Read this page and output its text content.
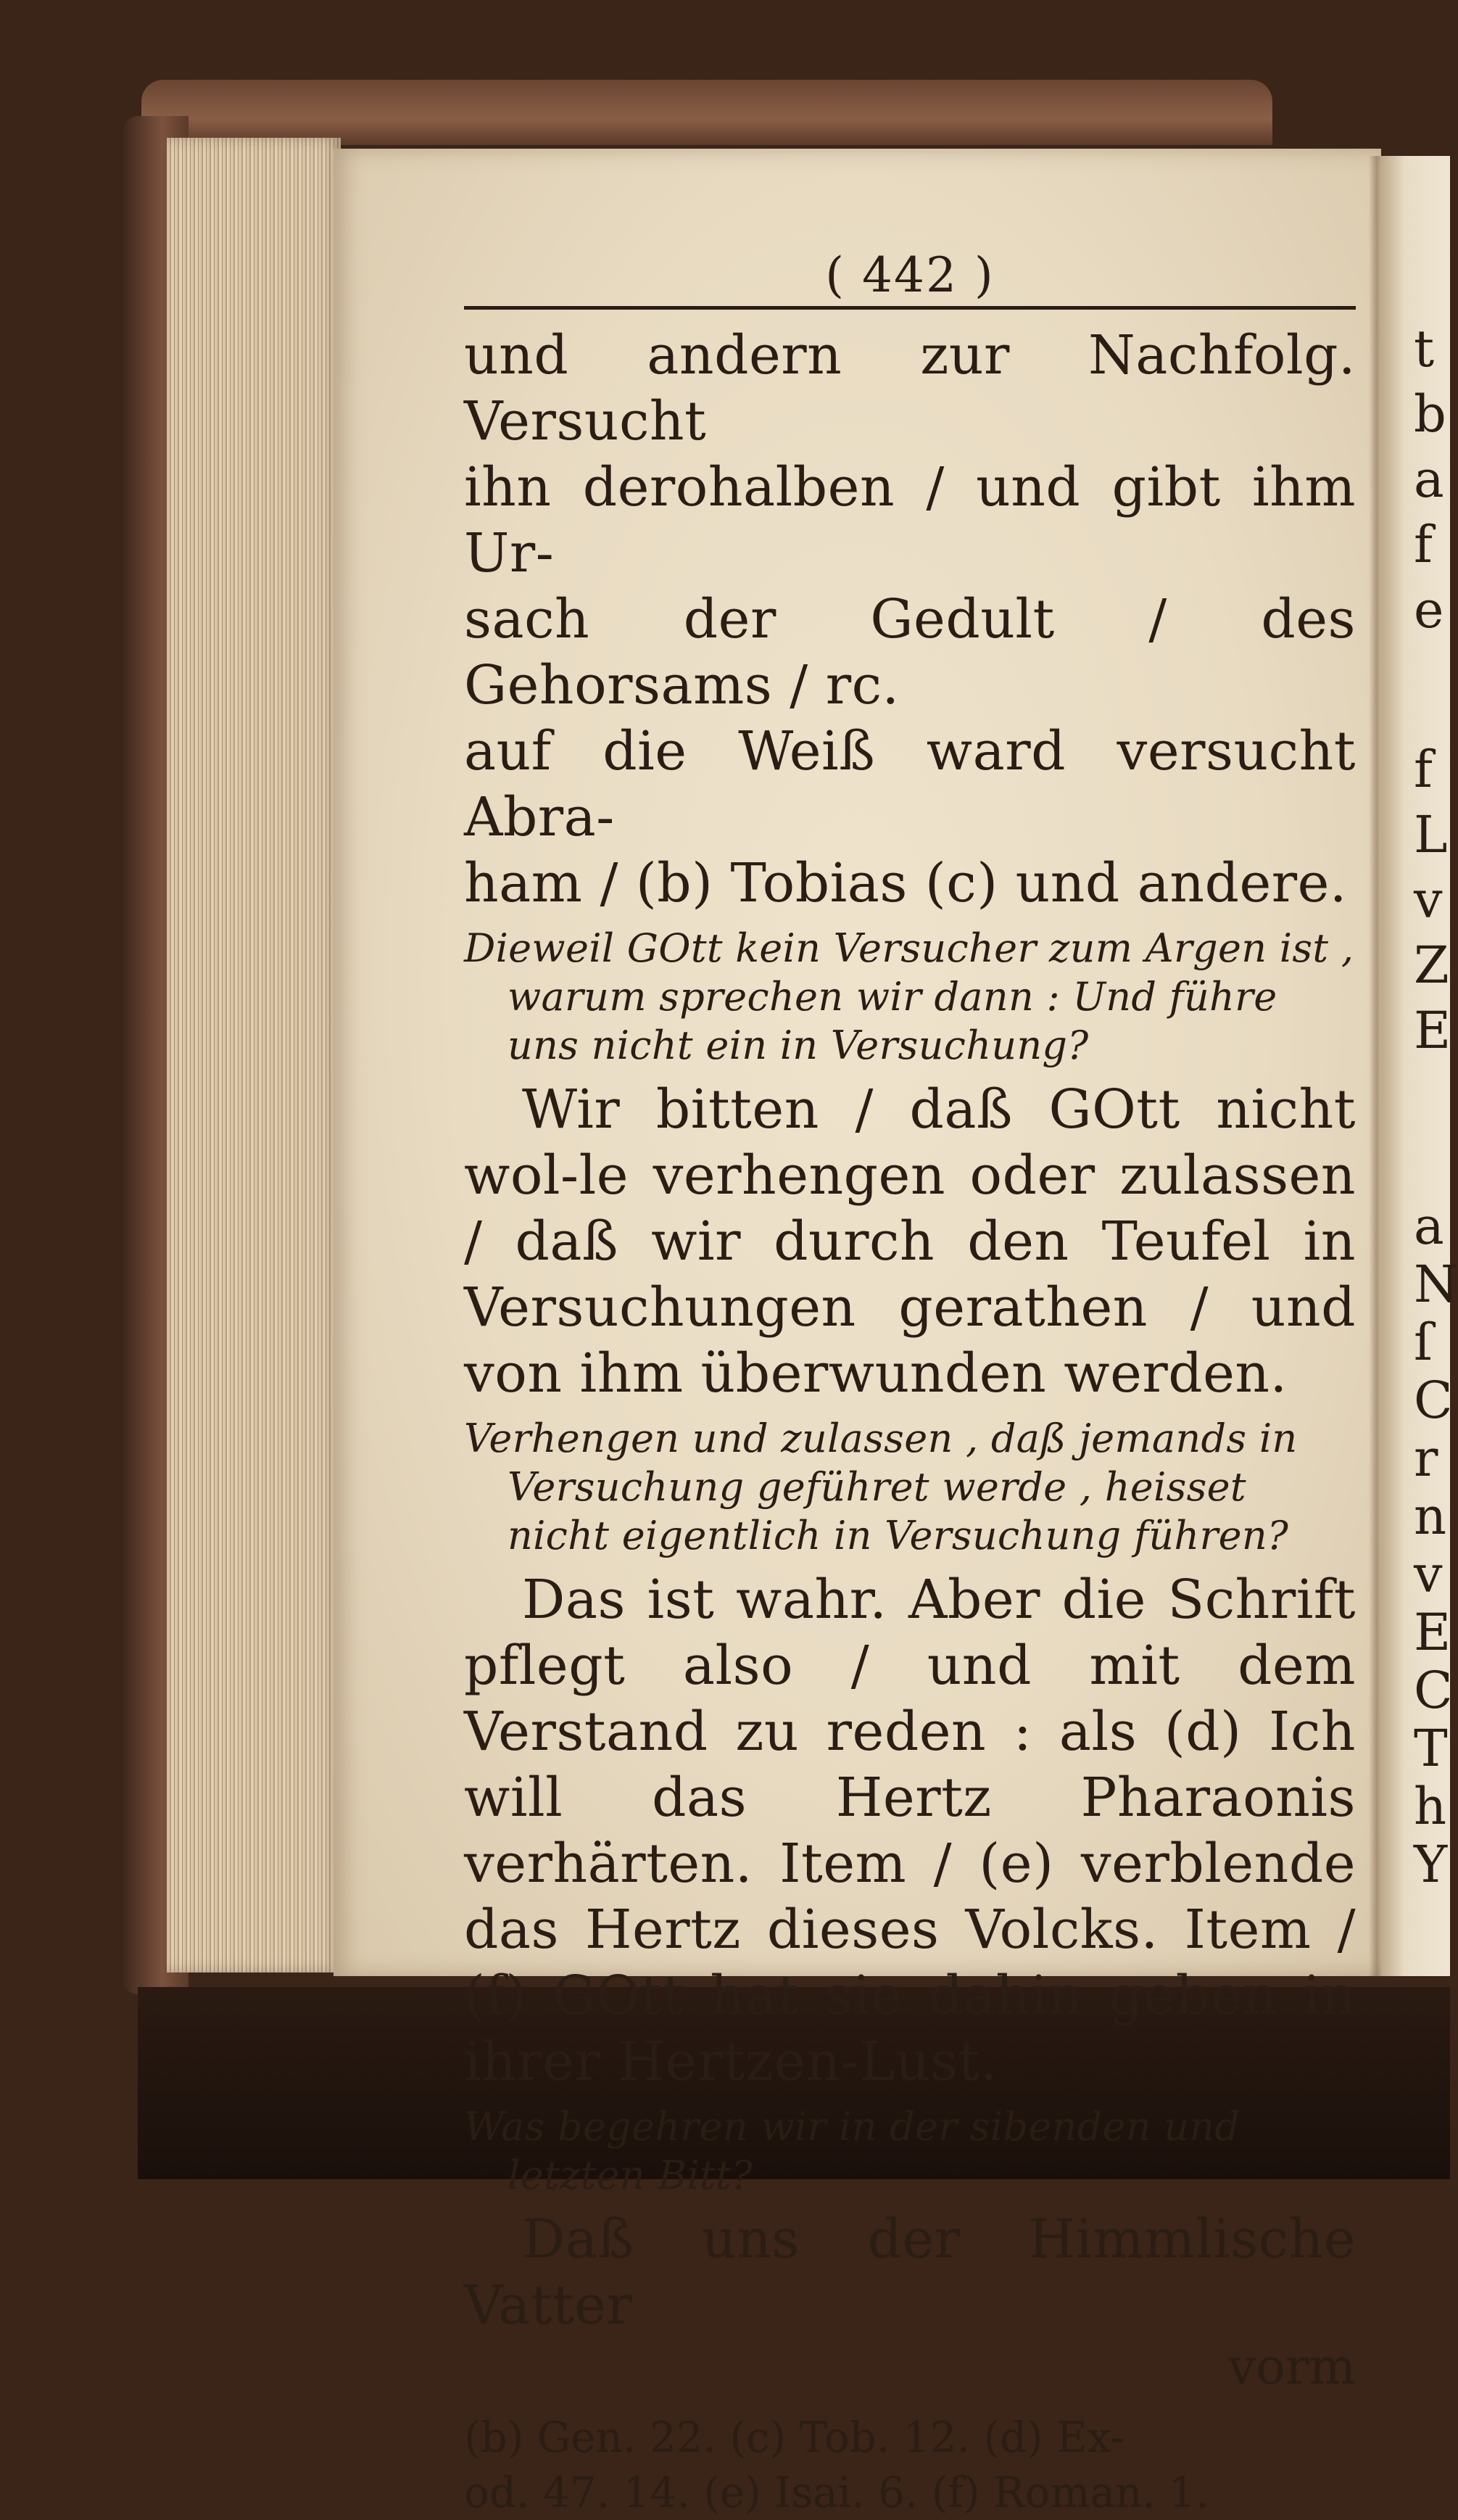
( 442 )

und andern zur Nachfolg. Versucht

ihn derohalben / und gibt ihm Ur-

sach der Gedult / des Gehorsams / rc.

auf die Weiß ward versucht Abra-

ham / (b) Tobias (c) und andere.

Dieweil GOtt kein Versucher zum Argen ist , warum sprechen wir dann : Und führe uns nicht ein in Versuchung?
Wir bitten / daß GOtt nicht wol-le verhengen oder zulassen / daß wir durch den Teufel in Versuchungen gerathen / und von ihm überwunden werden.
Verhengen und zulassen , daß jemands in Versuchung geführet werde , heisset nicht eigentlich in Versuchung führen?
Das ist wahr. Aber die Schrift pflegt also / und mit dem Verstand zu reden : als (d) Ich will das Hertz Pharaonis verhärten. Item / (e) verblende das Hertz dieses Volcks. Item / (f) GOtt hat sie dahin geben in ihrer Hertzen-Lust.
Was begehren wir in der sibenden und letzten Bitt?
Daß uns der Himmlische Vatter
vorm
(b) Gen. 22. (c) Tob. 12. (d) Ex-
od. 47. 14. (e) Isai. 6. (f) Roman. 1.
t
b
a
f
e
f
L
v
Z
E
a
N
ſ
C
r
n
v
E
C
T
h
Y
